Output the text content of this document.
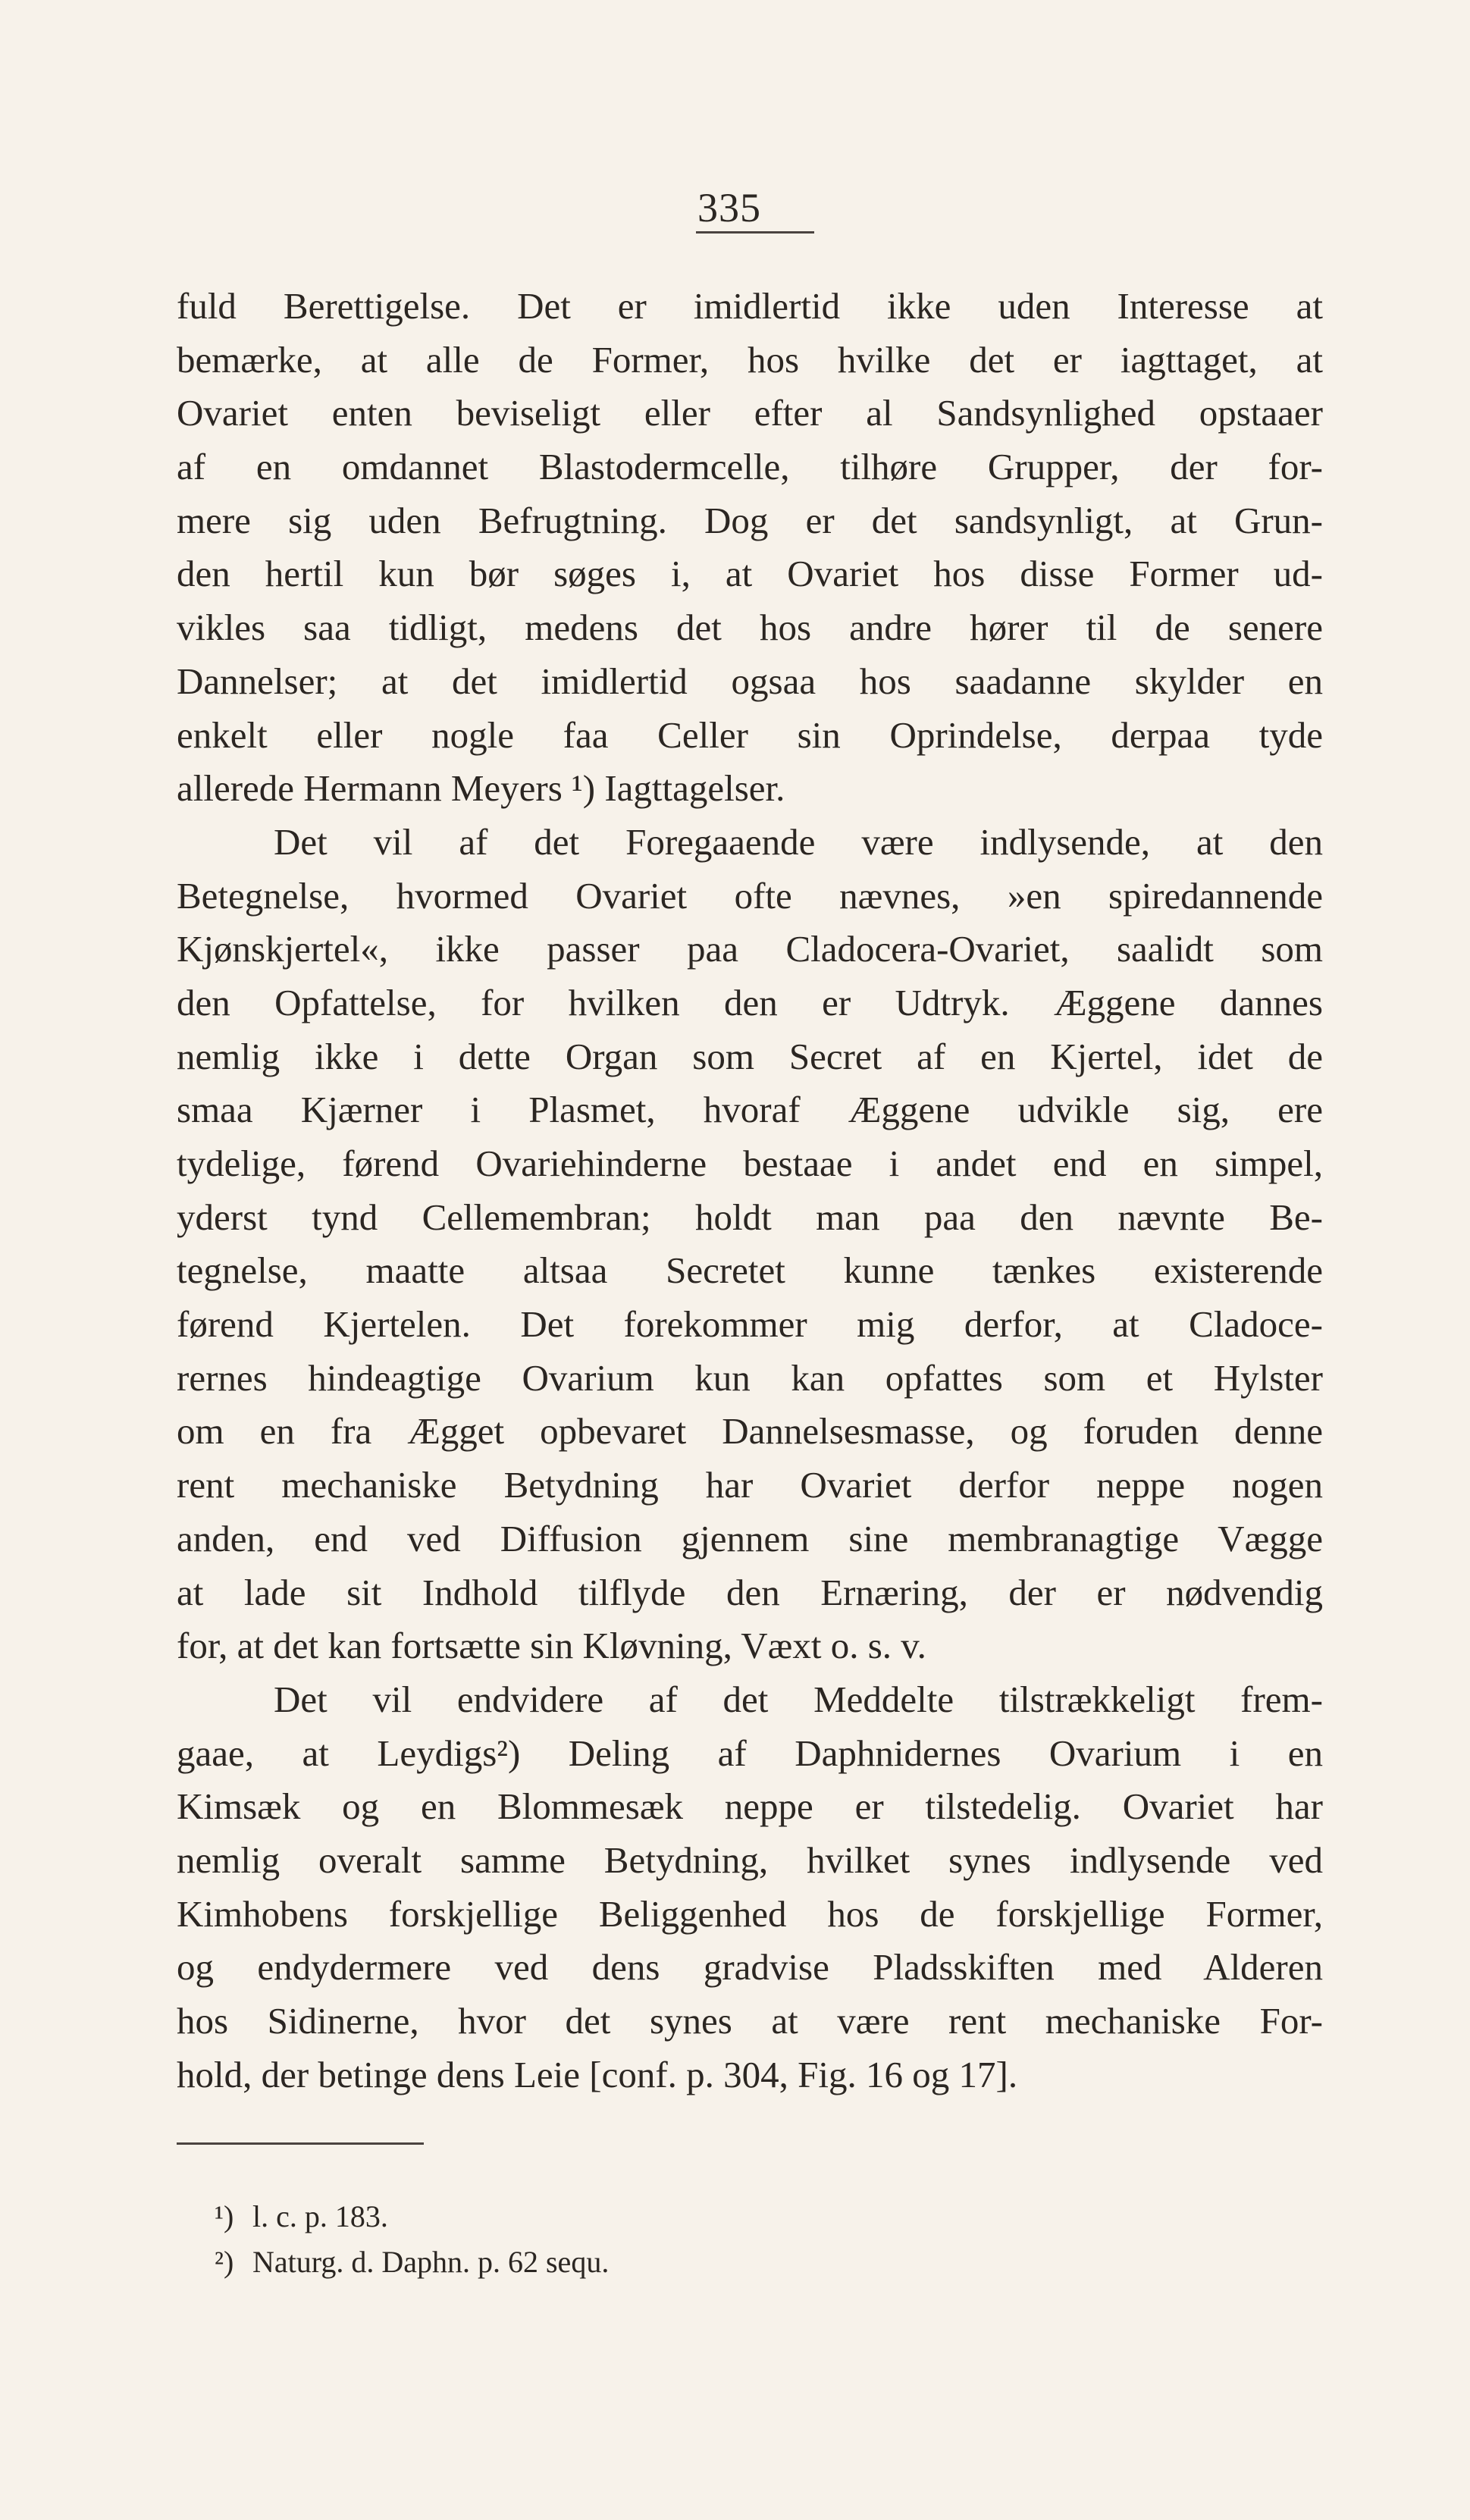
335
fuld Berettigelse. Det er imidlertid ikke uden Interesse at
bemærke, at alle de Former, hos hvilke det er iagttaget, at
Ovariet enten beviseligt eller efter al Sandsynlighed opstaaer
af en omdannet Blastodermcelle, tilhøre Grupper, der for-
mere sig uden Befrugtning. Dog er det sandsynligt, at Grun-
den hertil kun bør søges i, at Ovariet hos disse Former ud-
vikles saa tidligt, medens det hos andre hører til de senere
Dannelser; at det imidlertid ogsaa hos saadanne skylder en
enkelt eller nogle faa Celler sin Oprindelse, derpaa tyde
allerede Hermann Meyers ¹) Iagttagelser.
Det vil af det Foregaaende være indlysende, at den
Betegnelse, hvormed Ovariet ofte nævnes, »en spiredannende
Kjønskjertel«, ikke passer paa Cladocera-Ovariet, saalidt som
den Opfattelse, for hvilken den er Udtryk. Æggene dannes
nemlig ikke i dette Organ som Secret af en Kjertel, idet de
smaa Kjærner i Plasmet, hvoraf Æggene udvikle sig, ere
tydelige, førend Ovariehinderne bestaae i andet end en simpel,
yderst tynd Cellemembran; holdt man paa den nævnte Be-
tegnelse, maatte altsaa Secretet kunne tænkes existerende
førend Kjertelen. Det forekommer mig derfor, at Cladoce-
rernes hindeagtige Ovarium kun kan opfattes som et Hylster
om en fra Ægget opbevaret Dannelsesmasse, og foruden denne
rent mechaniske Betydning har Ovariet derfor neppe nogen
anden, end ved Diffusion gjennem sine membranagtige Vægge
at lade sit Indhold tilflyde den Ernæring, der er nødvendig
for, at det kan fortsætte sin Kløvning, Væxt o. s. v.
Det vil endvidere af det Meddelte tilstrækkeligt frem-
gaae, at Leydigs²) Deling af Daphnidernes Ovarium i en
Kimsæk og en Blommesæk neppe er tilstedelig. Ovariet har
nemlig overalt samme Betydning, hvilket synes indlysende ved
Kimhobens forskjellige Beliggenhed hos de forskjellige Former,
og endydermere ved dens gradvise Pladsskiften med Alderen
hos Sidinerne, hvor det synes at være rent mechaniske For-
hold, der betinge dens Leie [conf. p. 304, Fig. 16 og 17].
¹) l. c. p. 183.
²) Naturg. d. Daphn. p. 62 sequ.
